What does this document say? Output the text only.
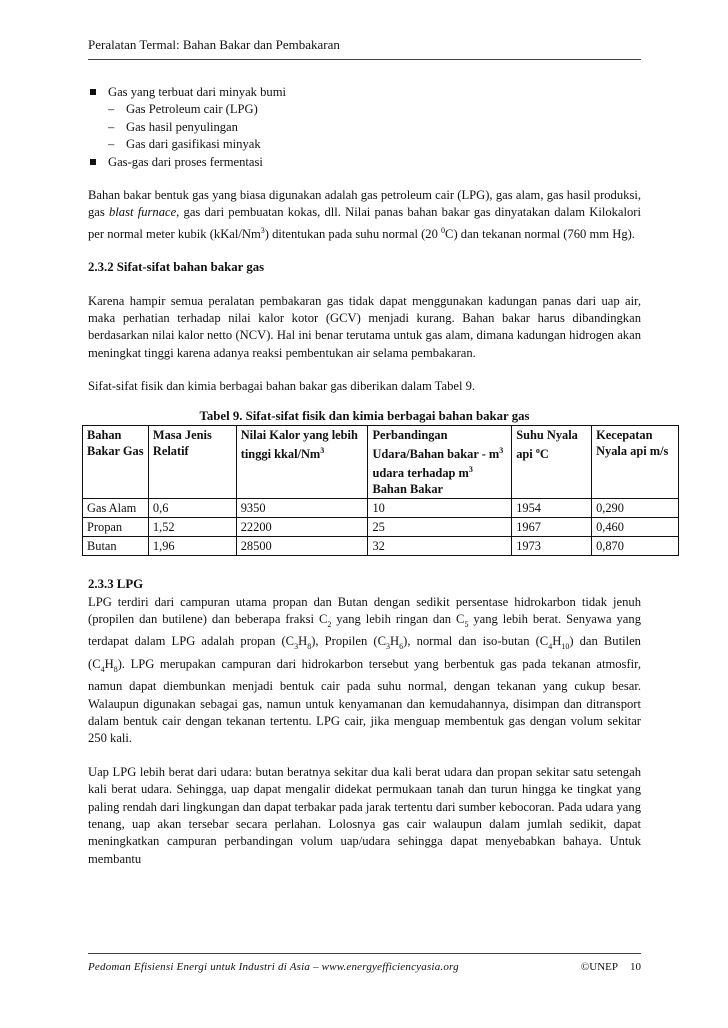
Peralatan Termal: Bahan Bakar dan Pembakaran
Gas yang terbuat dari minyak bumi
– Gas Petroleum cair (LPG)
– Gas hasil penyulingan
– Gas dari gasifikasi minyak
Gas-gas dari proses fermentasi

Bahan bakar bentuk gas yang biasa digunakan adalah gas petroleum cair (LPG), gas alam, gas hasil produksi, gas blast furnace, gas dari pembuatan kokas, dll. Nilai panas bahan bakar gas dinyatakan dalam Kilokalori per normal meter kubik (kKal/Nm$^3$) ditentukan pada suhu normal (20 $^0$C) dan tekanan normal (760 mm Hg).

2.3.2 Sifat-sifat bahan bakar gas

Karena hampir semua peralatan pembakaran gas tidak dapat menggunakan kadungan panas dari uap air, maka perhatian terhadap nilai kalor kotor (GCV) menjadi kurang. Bahan bakar harus dibandingkan berdasarkan nilai kalor netto (NCV). Hal ini benar terutama untuk gas alam, dimana kadungan hidrogen akan meningkat tinggi karena adanya reaksi pembentukan air selama pembakaran.

Sifat-sifat fisik dan kimia berbagai bahan bakar gas diberikan dalam Tabel 9.

Tabel 9. Sifat-sifat fisik dan kimia berbagai bahan bakar gas
Bahan Bakar Gas	Masa Jenis Relatif	Nilai Kalor yang lebih tinggi kkal/Nm$^3$	Perbandingan Udara/Bahan bakar - $m^3$ udara terhadap $m^3$ Bahan Bakar	Suhu Nyala api $^o$C	Kecepatan Nyala api m/s
Gas Alam	0,6	9350	10	1954	0,290
Propan	1,52	22200	25	1967	0,460
Butan	1,96	28500	32	1973	0,870
2.3.3 LPG

LPG terdiri dari campuran utama propan dan Butan dengan sedikit persentase hidrokarbon tidak jenuh (propilen dan butilene) dan beberapa fraksi $C_2$ yang lebih ringan dan $C_5$ yang lebih berat. Senyawa yang terdapat dalam LPG adalah propan $(C_3H_8)$, Propilen $(C_3H_6)$, normal dan iso-butan $(C_4H_{10})$ dan Butilen $(C_4H_8)$. LPG merupakan campuran dari hidrokarbon tersebut yang berbentuk gas pada tekanan atmosfir, namun dapat diembunkan menjadi bentuk cair pada suhu normal, dengan tekanan yang cukup besar. Walaupun digunakan sebagai gas, namun untuk kenyamanan dan kemudahannya, disimpan dan ditransport dalam bentuk cair dengan tekanan tertentu. LPG cair, jika menguap membentuk gas dengan volum sekitar 250 kali.

Uap LPG lebih berat dari udara: butan beratnya sekitar dua kali berat udara dan propan sekitar satu setengah kali berat udara. Sehingga, uap dapat mengalir didekat permukaan tanah dan turun hingga ke tingkat yang paling rendah dari lingkungan dan dapat terbakar pada jarak tertentu dari sumber kebocoran. Pada udara yang tenang, uap akan tersebar secara perlahan. Lolosnya gas cair walaupun dalam jumlah sedikit, dapat meningkatkan campuran perbandingan volum uap/udara sehingga dapat menyebabkan bahaya. Untuk membantu

Pedoman Efisiensi Energi untuk Industri di Asia – www.energyefficiencyasia.org	©UNEP 10
